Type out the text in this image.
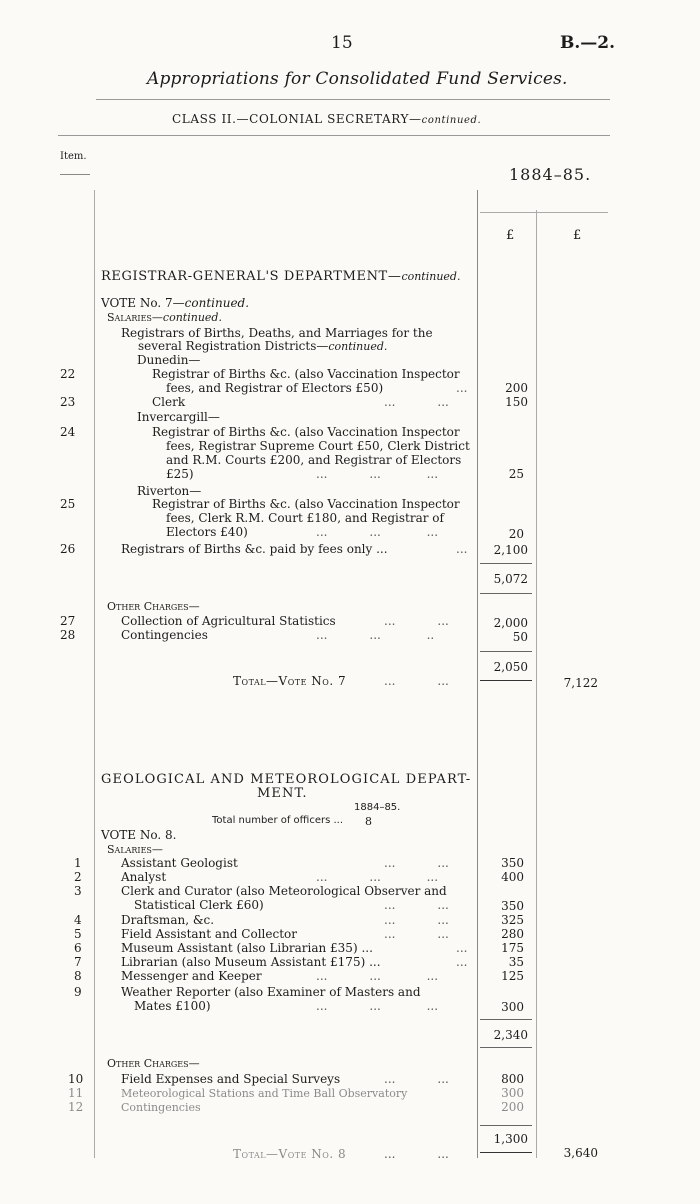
15	B.—2.
Appropriations for Consolidated Fund Services.
CLASS II.—COLONIAL SECRETARY—continued.
Item.
1884–85.
£	£
REGISTRAR-GENERAL'S DEPARTMENT—continued.
VOTE No. 7—continued.
Salaries—continued.
Registrars of Births, Deaths, and Marriages for the
several Registration Districts—continued.
Dunedin—
22	Registrar of Births &c. (also Vaccination Inspector
fees, and Registrar of Electors £50)	...	200
23	Clerk	...           ...	150
Invercargill—
24	Registrar of Births &c. (also Vaccination Inspector
fees, Registrar Supreme Court £50, Clerk District
and R.M. Courts £200, and Registrar of Electors
£25)	...           ...            ...	25
Riverton—
25	Registrar of Births &c. (also Vaccination Inspector
fees, Clerk R.M. Court £180, and Registrar of
Electors £40)	...           ...            ...	20
26	Registrars of Births &c. paid by fees only ...	...	2,100
5,072
Other Charges—
27	Collection of Agricultural Statistics	...           ...	2,000
28	Contingencies	...           ...            ..	50
2,050
Total—Vote No. 7	...           ...	7,122
GEOLOGICAL AND METEOROLOGICAL DEPART-
MENT.
1884–85.
Total number of officers ... 8
VOTE No. 8.
Salaries—
1	Assistant Geologist	...           ...	350
2	Analyst	...           ...            ...	400
3	Clerk and Curator (also Meteorological Observer and
Statistical Clerk £60)	...           ...	350
4	Draftsman, &c.	...           ...	325
5	Field Assistant and Collector	...           ...	280
6	Museum Assistant (also Librarian £35) ...	...	175
7	Librarian (also Museum Assistant £175) ...	...	35
8	Messenger and Keeper	...           ...            ...	125
9	Weather Reporter (also Examiner of Masters and
Mates £100)	...           ...            ...	300
2,340
Other Charges—
10	Field Expenses and Special Surveys	...           ...	800
11	Meteorological Stations and Time Ball Observatory	300
12	Contingencies	200
1,300
Total—Vote No. 8	...           ...	3,640
